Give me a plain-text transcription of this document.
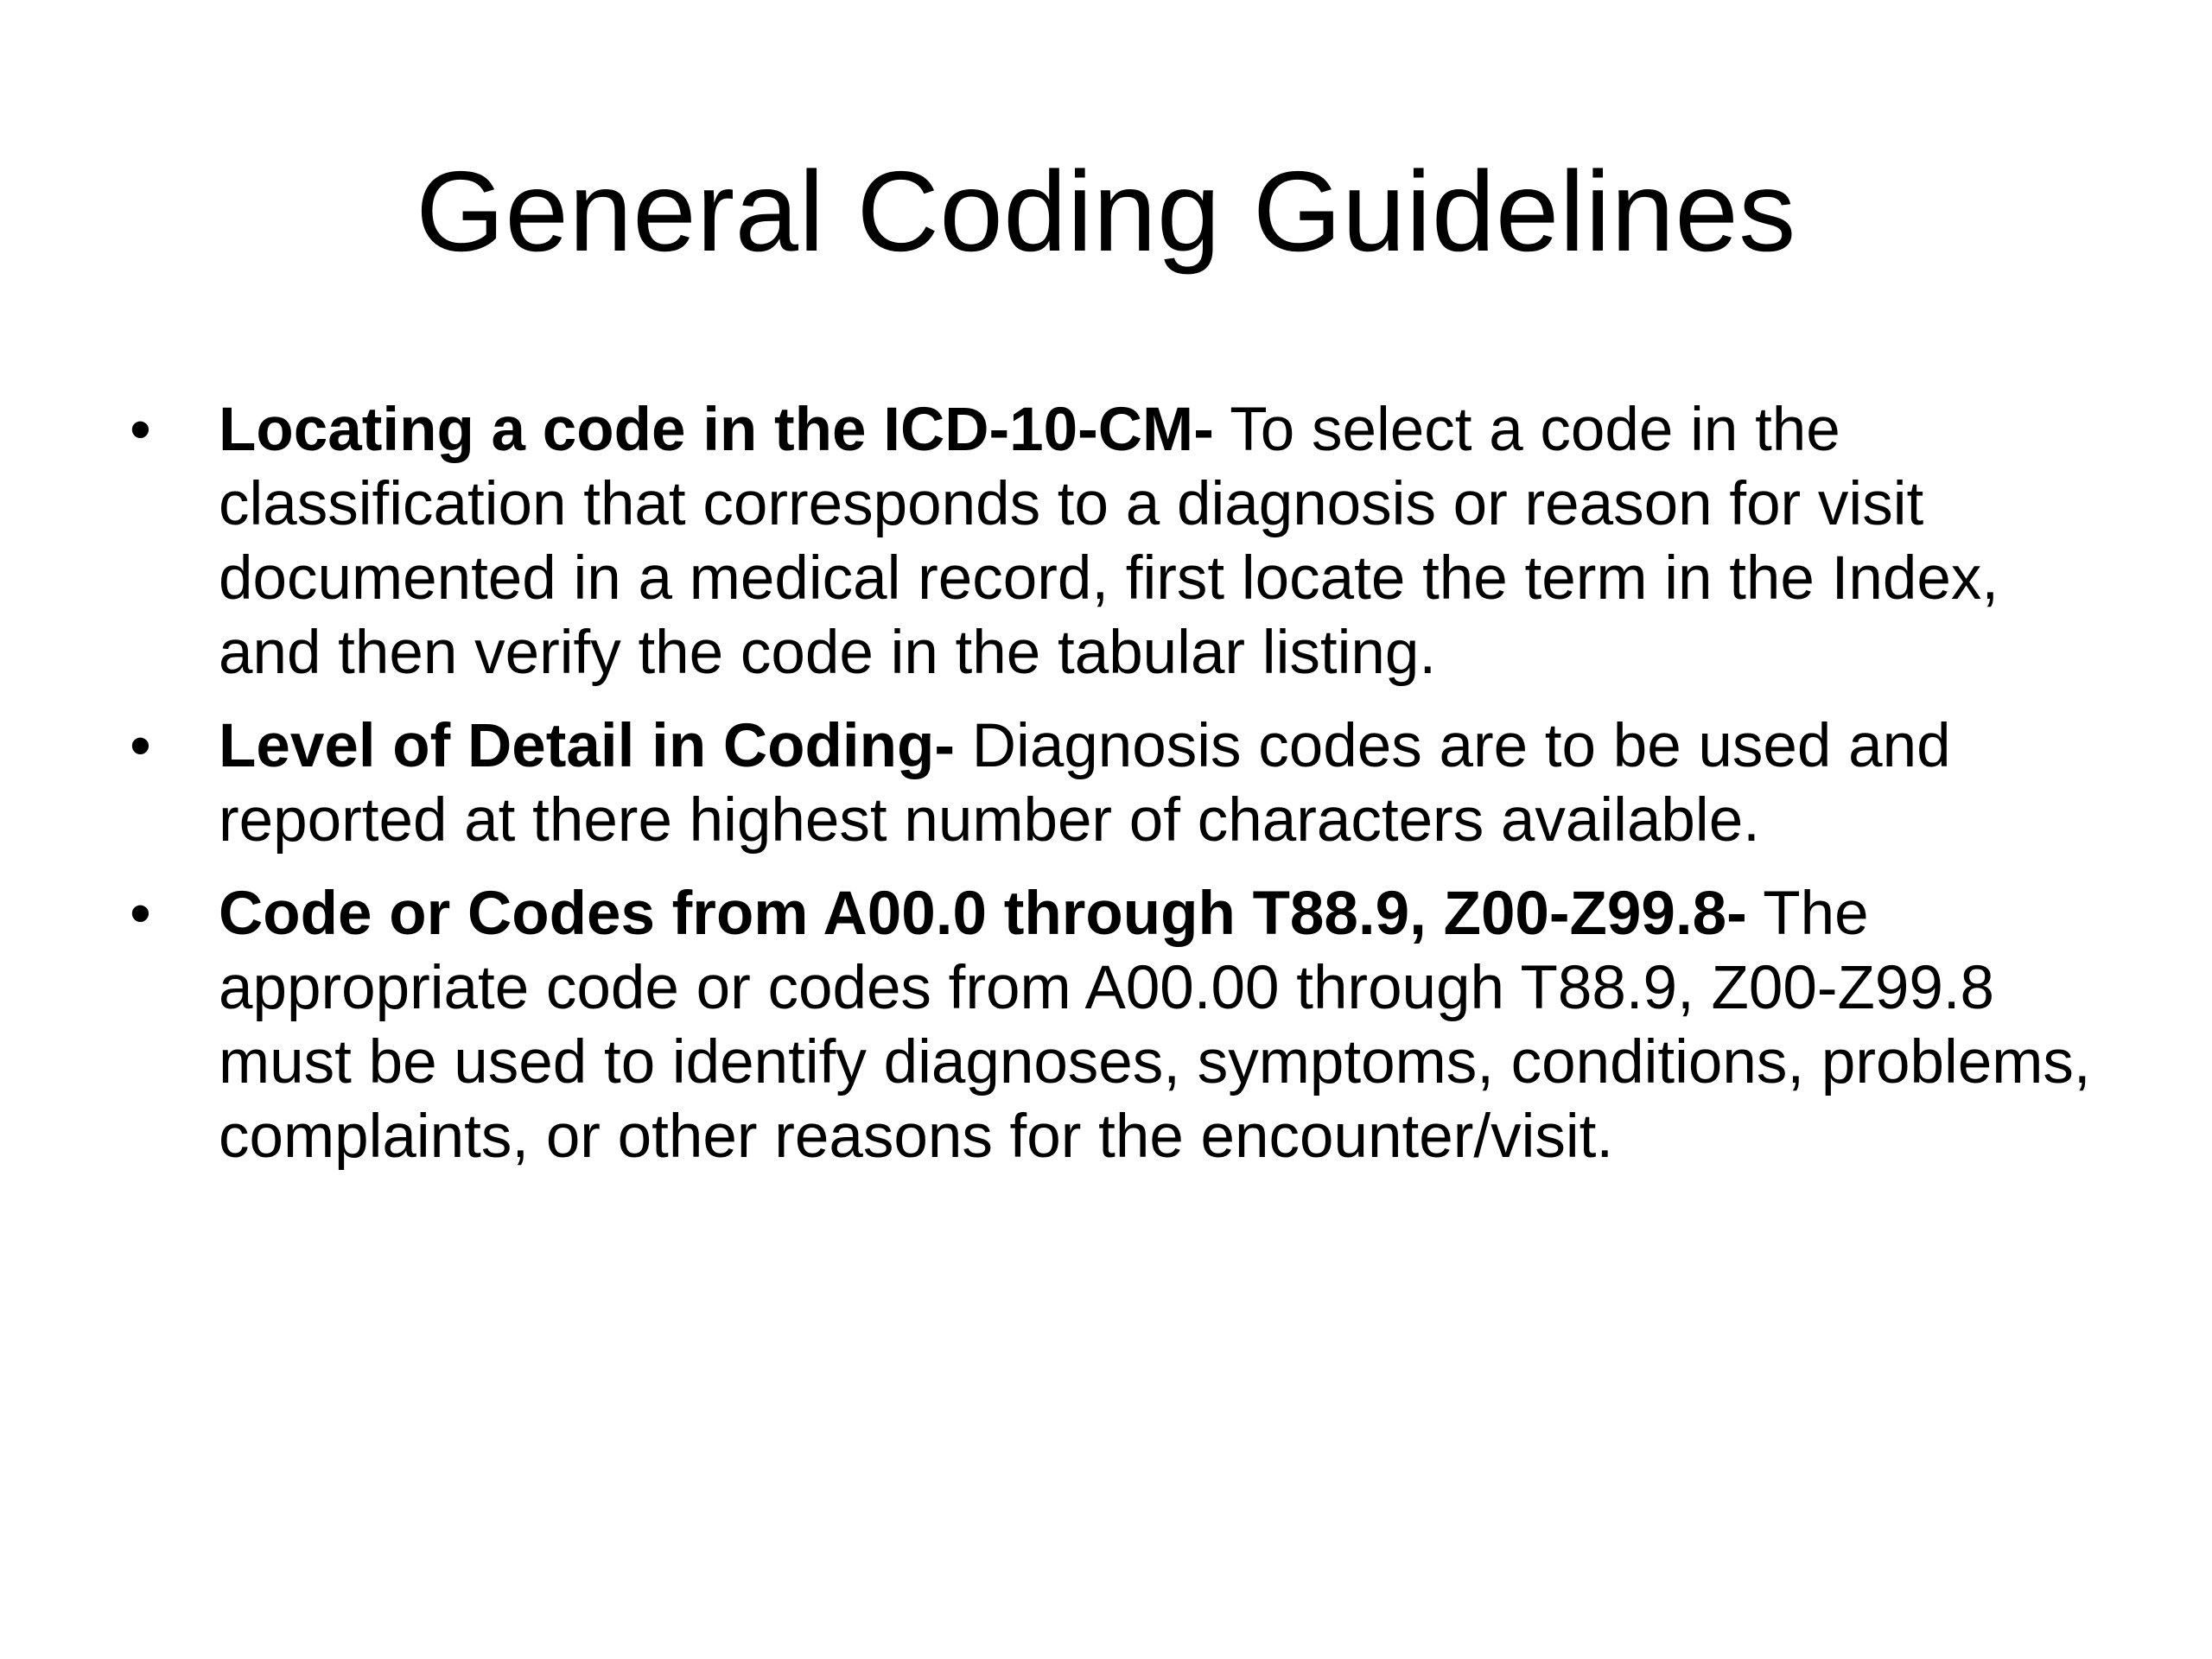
General Coding Guidelines
• Locating a code in the ICD-10-CM- To select a code in the classification that corresponds to a diagnosis or reason for visit documented in a medical record, first locate the term in the Index, and then verify the code in the tabular listing.
• Level of Detail in Coding- Diagnosis codes are to be used and reported at there highest number of characters available.
• Code or Codes from A00.0 through T88.9, Z00-Z99.8- The appropriate code or codes from A00.00 through T88.9, Z00-Z99.8 must be used to identify diagnoses, symptoms, conditions, problems, complaints, or other reasons for the encounter/visit.
